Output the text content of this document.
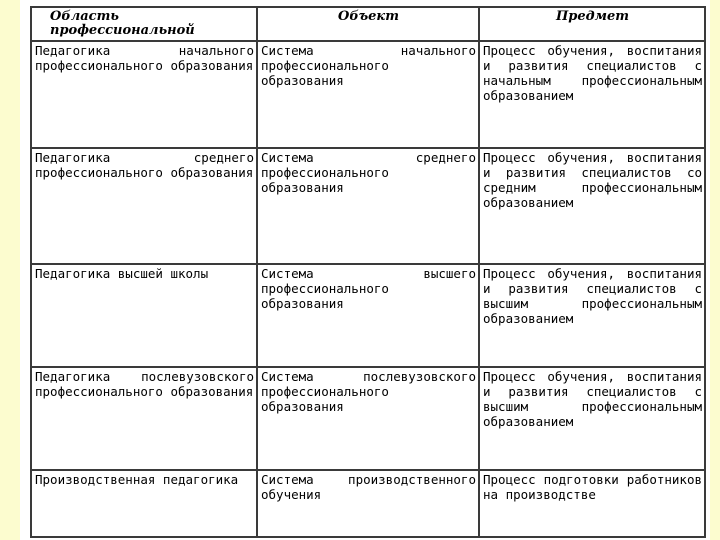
Область профессиональной	Объект	Предмет

Педагогика начального профессионального образования	Система начального профессионального образования	Процесс обучения, воспитания и развития специалистов с начальным профессиональным образованием

Педагогика среднего профессионального образования	Система среднего профессионального образования	Процесс обучения, воспитания и развития специалистов со средним профессиональным образованием

Педагогика высшей школы	Система высшего профессионального образования	Процесс обучения, воспитания и развития специалистов с высшим профессиональным образованием

Педагогика послевузовского профессионального образования	Система послевузовского профессионального образования	Процесс обучения, воспитания и развития специалистов с высшим профессиональным образованием

Производственная педагогика	Система производственного обучения	Процесс подготовки работников на производстве
